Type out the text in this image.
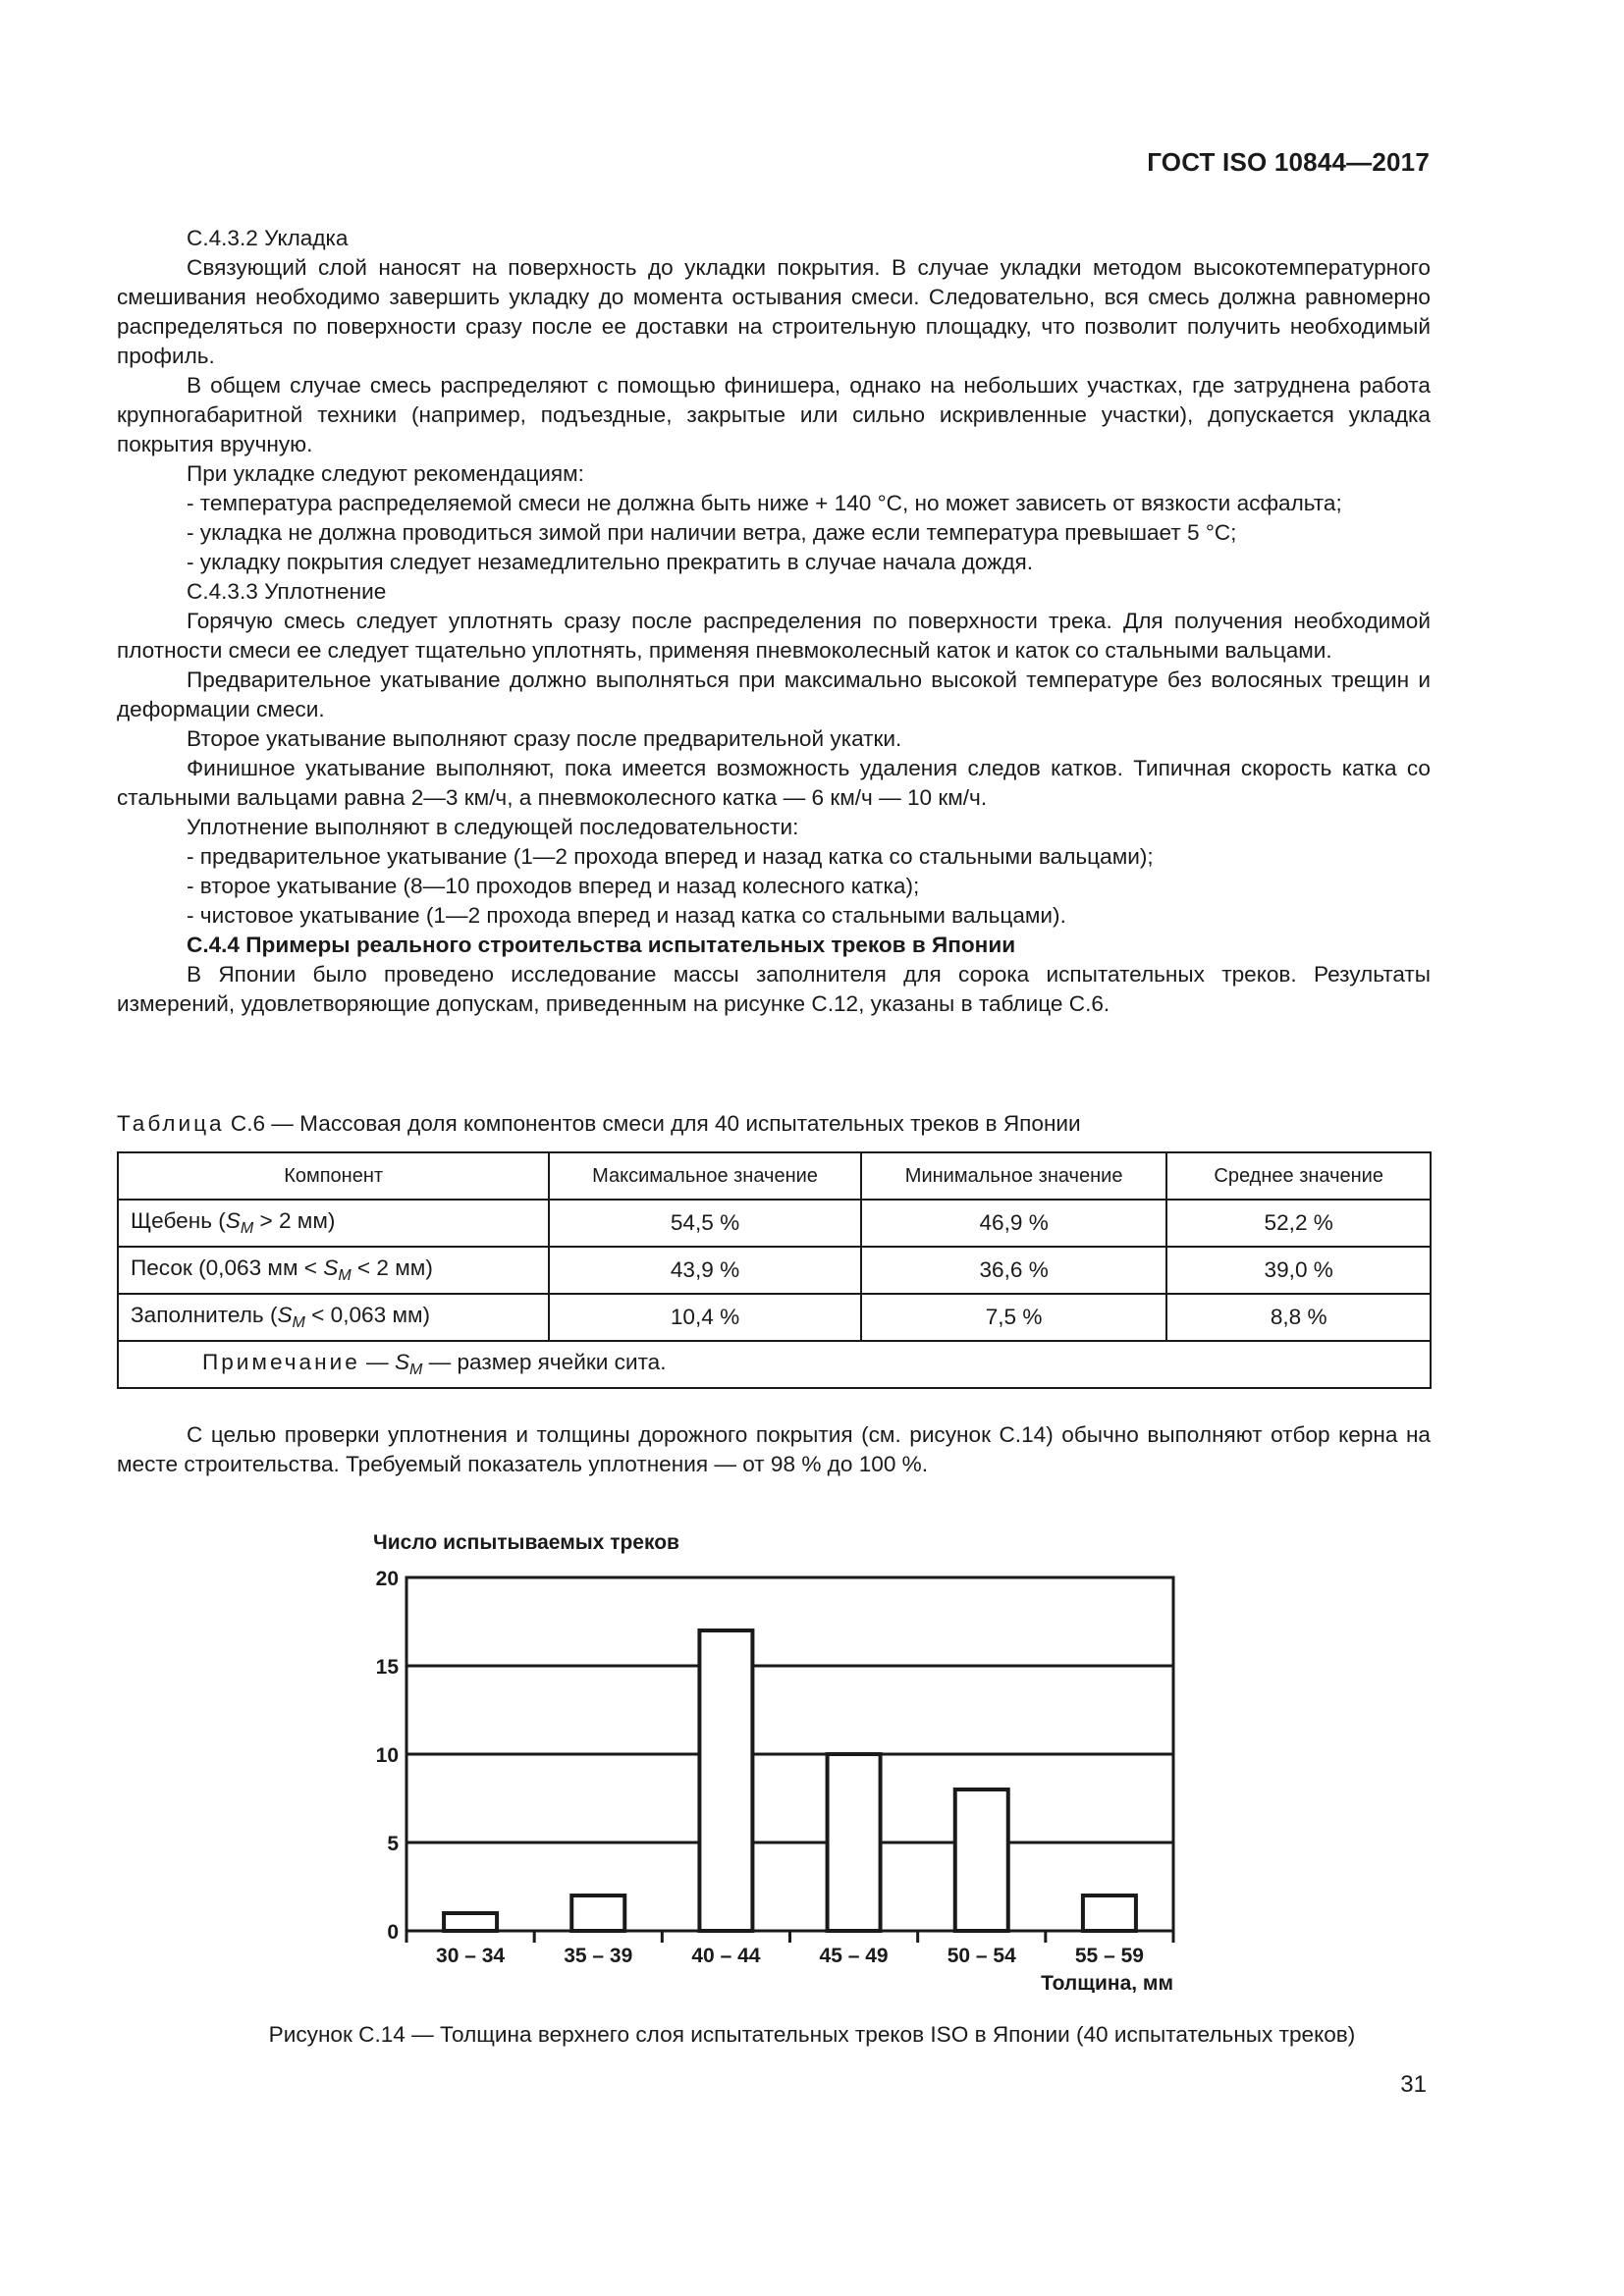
ГОСТ ISO 10844—2017

С.4.3.2 Укладка

Связующий слой наносят на поверхность до укладки покрытия. В случае укладки методом высокотемпературного смешивания необходимо завершить укладку до момента остывания смеси. Следовательно, вся смесь должна равномерно распределяться по поверхности сразу после ее доставки на строительную площадку, что позволит получить необходимый профиль.

В общем случае смесь распределяют с помощью финишера, однако на небольших участках, где затруднена работа крупногабаритной техники (например, подъездные, закрытые или сильно искривленные участки), допускается укладка покрытия вручную.

При укладке следуют рекомендациям:

- температура распределяемой смеси не должна быть ниже + 140 °С, но может зависеть от вязкости асфальта;

- укладка не должна проводиться зимой при наличии ветра, даже если температура превышает 5 °С;

- укладку покрытия следует незамедлительно прекратить в случае начала дождя.

С.4.3.3 Уплотнение

Горячую смесь следует уплотнять сразу после распределения по поверхности трека. Для получения необходимой плотности смеси ее следует тщательно уплотнять, применяя пневмоколесный каток и каток со стальными вальцами.

Предварительное укатывание должно выполняться при максимально высокой температуре без волосяных трещин и деформации смеси.

Второе укатывание выполняют сразу после предварительной укатки.

Финишное укатывание выполняют, пока имеется возможность удаления следов катков. Типичная скорость катка со стальными вальцами равна 2—3 км/ч, а пневмоколесного катка — 6 км/ч — 10 км/ч.

Уплотнение выполняют в следующей последовательности:

- предварительное укатывание (1—2 прохода вперед и назад катка со стальными вальцами);

- второе укатывание (8—10 проходов вперед и назад колесного катка);

- чистовое укатывание (1—2 прохода вперед и назад катка со стальными вальцами).

С.4.4 Примеры реального строительства испытательных треков в Японии

В Японии было проведено исследование массы заполнителя для сорока испытательных треков. Результаты измерений, удовлетворяющие допускам, приведенным на рисунке С.12, указаны в таблице С.6.

Таблица С.6 — Массовая доля компонентов смеси для 40 испытательных треков в Японии
Компонент	Максимальное значение	Минимальное значение	Среднее значение
Щебень ($S_M > 2$ мм)	54,5 %	46,9 %	52,2 %
Песок (0,063 мм < $S_M < 2$ мм)	43,9 %	36,6 %	39,0 %
Заполнитель ($S_M < 0,063$ мм)	10,4 %	7,5 %	8,8 %
Примечание — $S_M$ — размер ячейки сита.			

С целью проверки уплотнения и толщины дорожного покрытия (см. рисунок С.14) обычно выполняют отбор керна на месте строительства. Требуемый показатель уплотнения — от 98 % до 100 %.

Число испытываемых треков
0
5
10
15
20
30 – 34	35 – 39	40 – 44	45 – 49	50 – 54	55 – 59
Толщина, мм
Рисунок С.14 — Толщина верхнего слоя испытательных треков ISO в Японии (40 испытательных треков)
31
